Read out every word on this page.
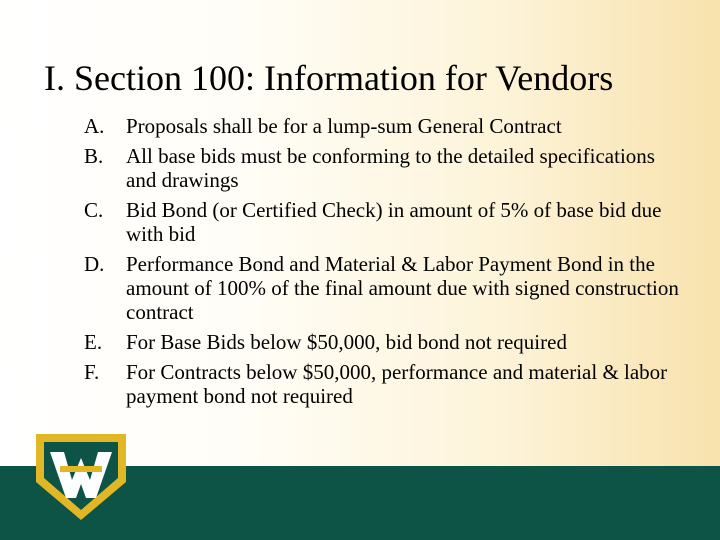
I. Section 100: Information for Vendors
A. Proposals shall be for a lump-sum General Contract
B. All base bids must be conforming to the detailed specifications and drawings
C. Bid Bond (or Certified Check) in amount of 5% of base bid due with bid
D. Performance Bond and Material & Labor Payment Bond in the amount of 100% of the final amount due with signed construction contract
E. For Base Bids below $50,000, bid bond not required
F. For Contracts below $50,000, performance and material & labor payment bond not required
